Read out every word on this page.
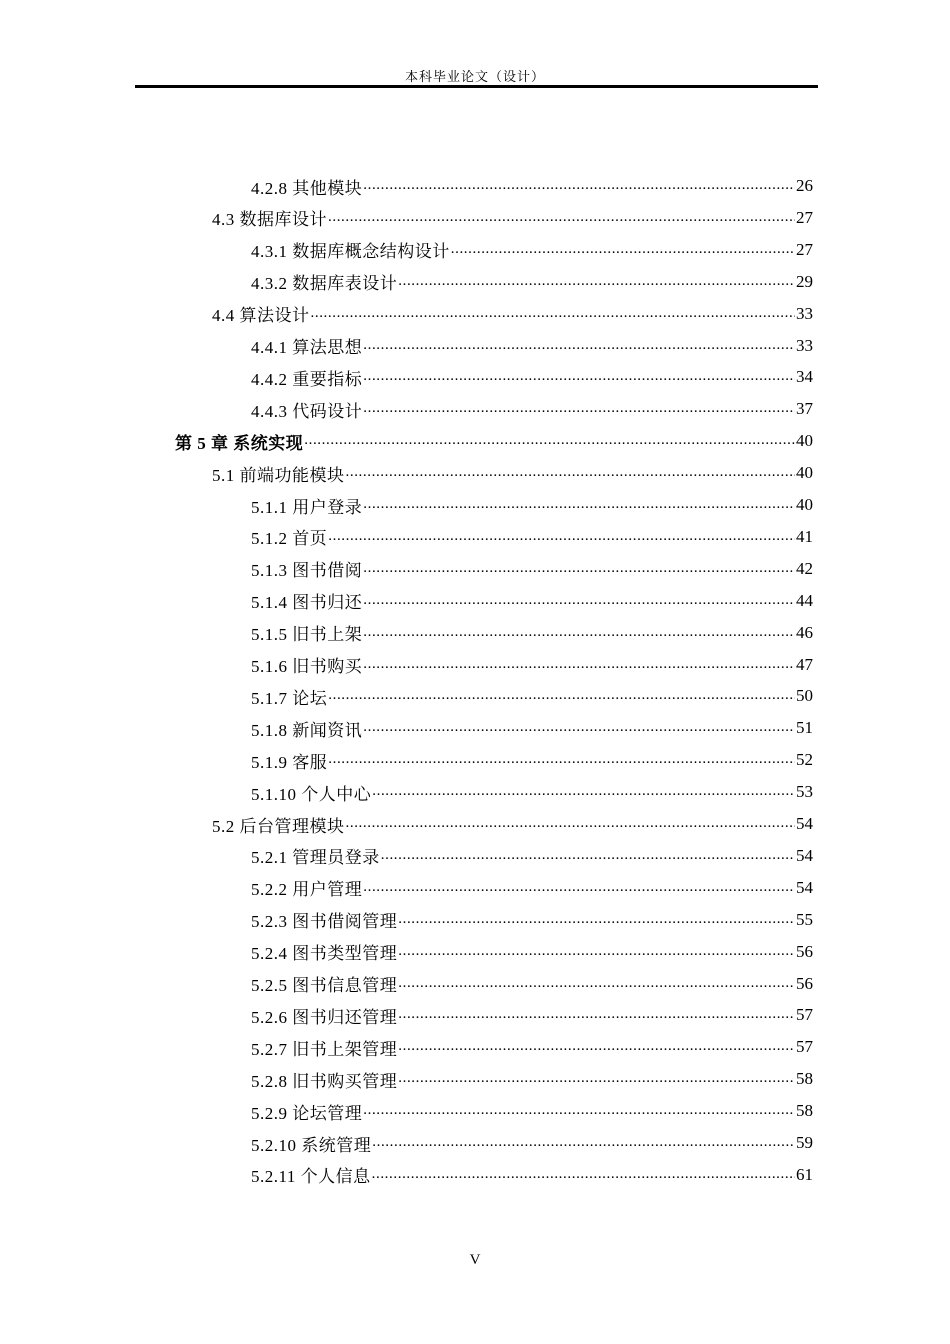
本科毕业论文（设计）
4.2.8 其他模块 .....	26
4.3 数据库设计 .....	27
4.3.1 数据库概念结构设计 .....	27
4.3.2 数据库表设计 .....	29
4.4 算法设计 .....	33
4.4.1 算法思想 .....	33
4.4.2 重要指标 .....	34
4.4.3 代码设计 .....	37
第 5 章 系统实现 .....	40
5.1 前端功能模块 .....	40
5.1.1 用户登录 .....	40
5.1.2 首页 .....	41
5.1.3 图书借阅 .....	42
5.1.4 图书归还 .....	44
5.1.5 旧书上架 .....	46
5.1.6 旧书购买 .....	47
5.1.7 论坛 .....	50
5.1.8 新闻资讯 .....	51
5.1.9 客服 .....	52
5.1.10 个人中心 .....	53
5.2 后台管理模块 .....	54
5.2.1 管理员登录 .....	54
5.2.2 用户管理 .....	54
5.2.3 图书借阅管理 .....	55
5.2.4 图书类型管理 .....	56
5.2.5 图书信息管理 .....	56
5.2.6 图书归还管理 .....	57
5.2.7 旧书上架管理 .....	57
5.2.8 旧书购买管理 .....	58
5.2.9 论坛管理 .....	58
5.2.10 系统管理 .....	59
5.2.11 个人信息 .....	61
V
